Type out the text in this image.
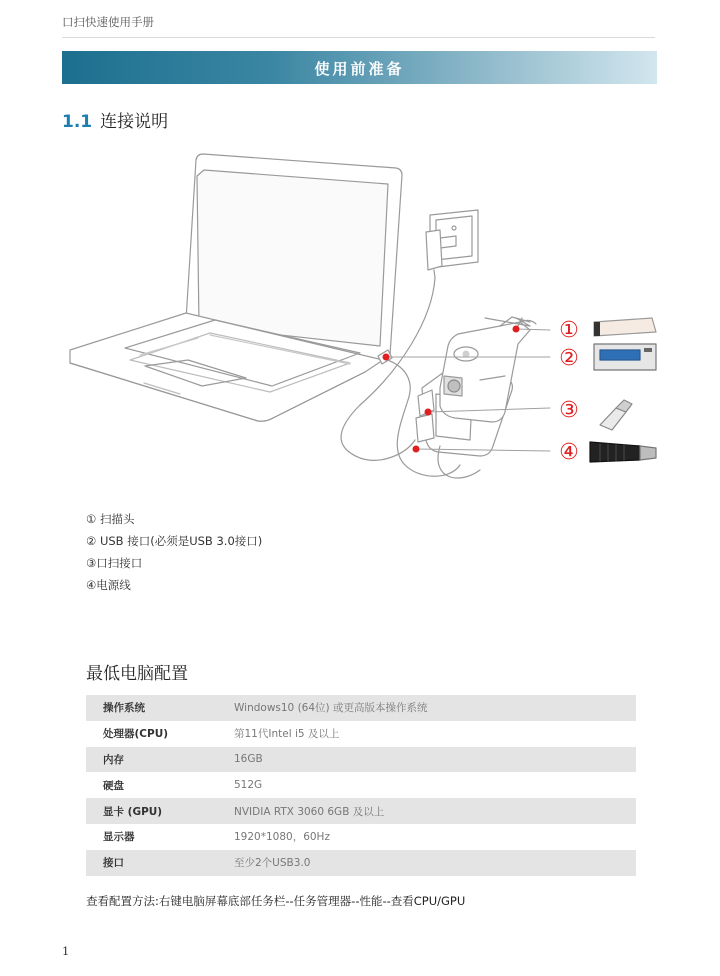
口扫快速使用手册
使用前准备
1.1 连接说明
①
②
③
④
① 扫描头
② USB 接口(必须是USB 3.0接口)
③口扫接口
④电源线
最低电脑配置
操作系统	Windows10 (64位) 或更高版本操作系统
处理器(CPU)	第11代Intel i5 及以上
内存	16GB
硬盘	512G
显卡 (GPU)	NVIDIA RTX 3060 6GB 及以上
显示器	1920*1080，60Hz
接口	至少2个USB3.0
查看配置方法:右键电脑屏幕底部任务栏--任务管理器--性能--查看CPU/GPU
1
